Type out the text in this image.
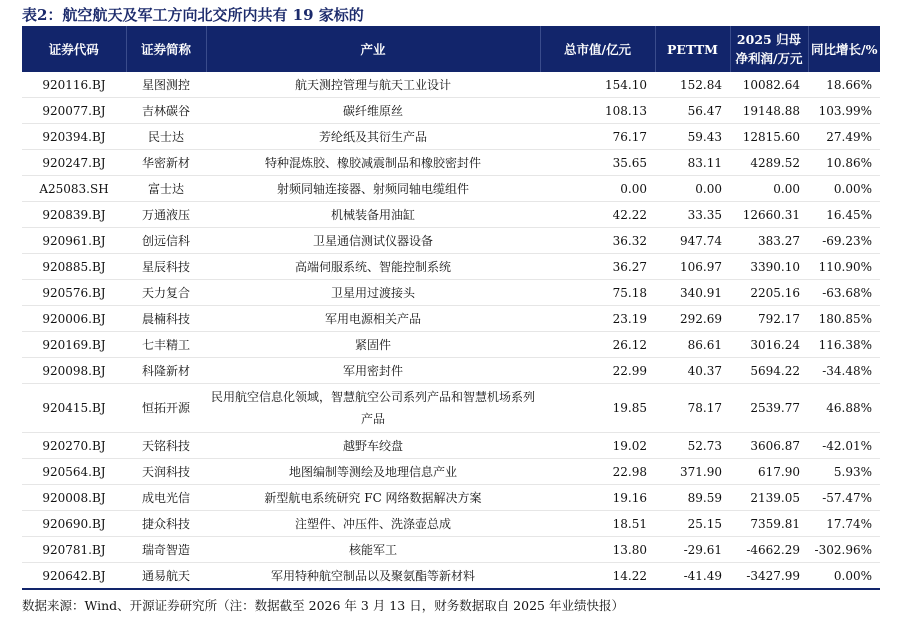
表2：航空航天及军工方向北交所内共有 19 家标的
证券代码	证券简称	产业	总市值/亿元	PETTM	2025 归母净利润/万元	同比增长/%
920116.BJ	星图测控	航天测控管理与航天工业设计	154.10	152.84	10082.64	18.66%
920077.BJ	吉林碳谷	碳纤维原丝	108.13	56.47	19148.88	103.99%
920394.BJ	民士达	芳纶纸及其衍生产品	76.17	59.43	12815.60	27.49%
920247.BJ	华密新材	特种混炼胶、橡胶减震制品和橡胶密封件	35.65	83.11	4289.52	10.86%
A25083.SH	富士达	射频同轴连接器、射频同轴电缆组件	0.00	0.00	0.00	0.00%
920839.BJ	万通液压	机械装备用油缸	42.22	33.35	12660.31	16.45%
920961.BJ	创远信科	卫星通信测试仪器设备	36.32	947.74	383.27	-69.23%
920885.BJ	星辰科技	高端伺服系统、智能控制系统	36.27	106.97	3390.10	110.90%
920576.BJ	天力复合	卫星用过渡接头	75.18	340.91	2205.16	-63.68%
920006.BJ	晨楠科技	军用电源相关产品	23.19	292.69	792.17	180.85%
920169.BJ	七丰精工	紧固件	26.12	86.61	3016.24	116.38%
920098.BJ	科隆新材	军用密封件	22.99	40.37	5694.22	-34.48%
920415.BJ	恒拓开源	民用航空信息化领域，智慧航空公司系列产品和智慧机场系列产品	19.85	78.17	2539.77	46.88%
920270.BJ	天铭科技	越野车绞盘	19.02	52.73	3606.87	-42.01%
920564.BJ	天润科技	地图编制等测绘及地理信息产业	22.98	371.90	617.90	5.93%
920008.BJ	成电光信	新型航电系统研究 FC 网络数据解决方案	19.16	89.59	2139.05	-57.47%
920690.BJ	捷众科技	注塑件、冲压件、洗涤壶总成	18.51	25.15	7359.81	17.74%
920781.BJ	瑞奇智造	核能军工	13.80	-29.61	-4662.29	-302.96%
920642.BJ	通易航天	军用特种航空制品以及聚氨酯等新材料	14.22	-41.49	-3427.99	0.00%
数据来源：Wind、开源证券研究所（注：数据截至 2026 年 3 月 13 日，财务数据取自 2025 年业绩快报）
